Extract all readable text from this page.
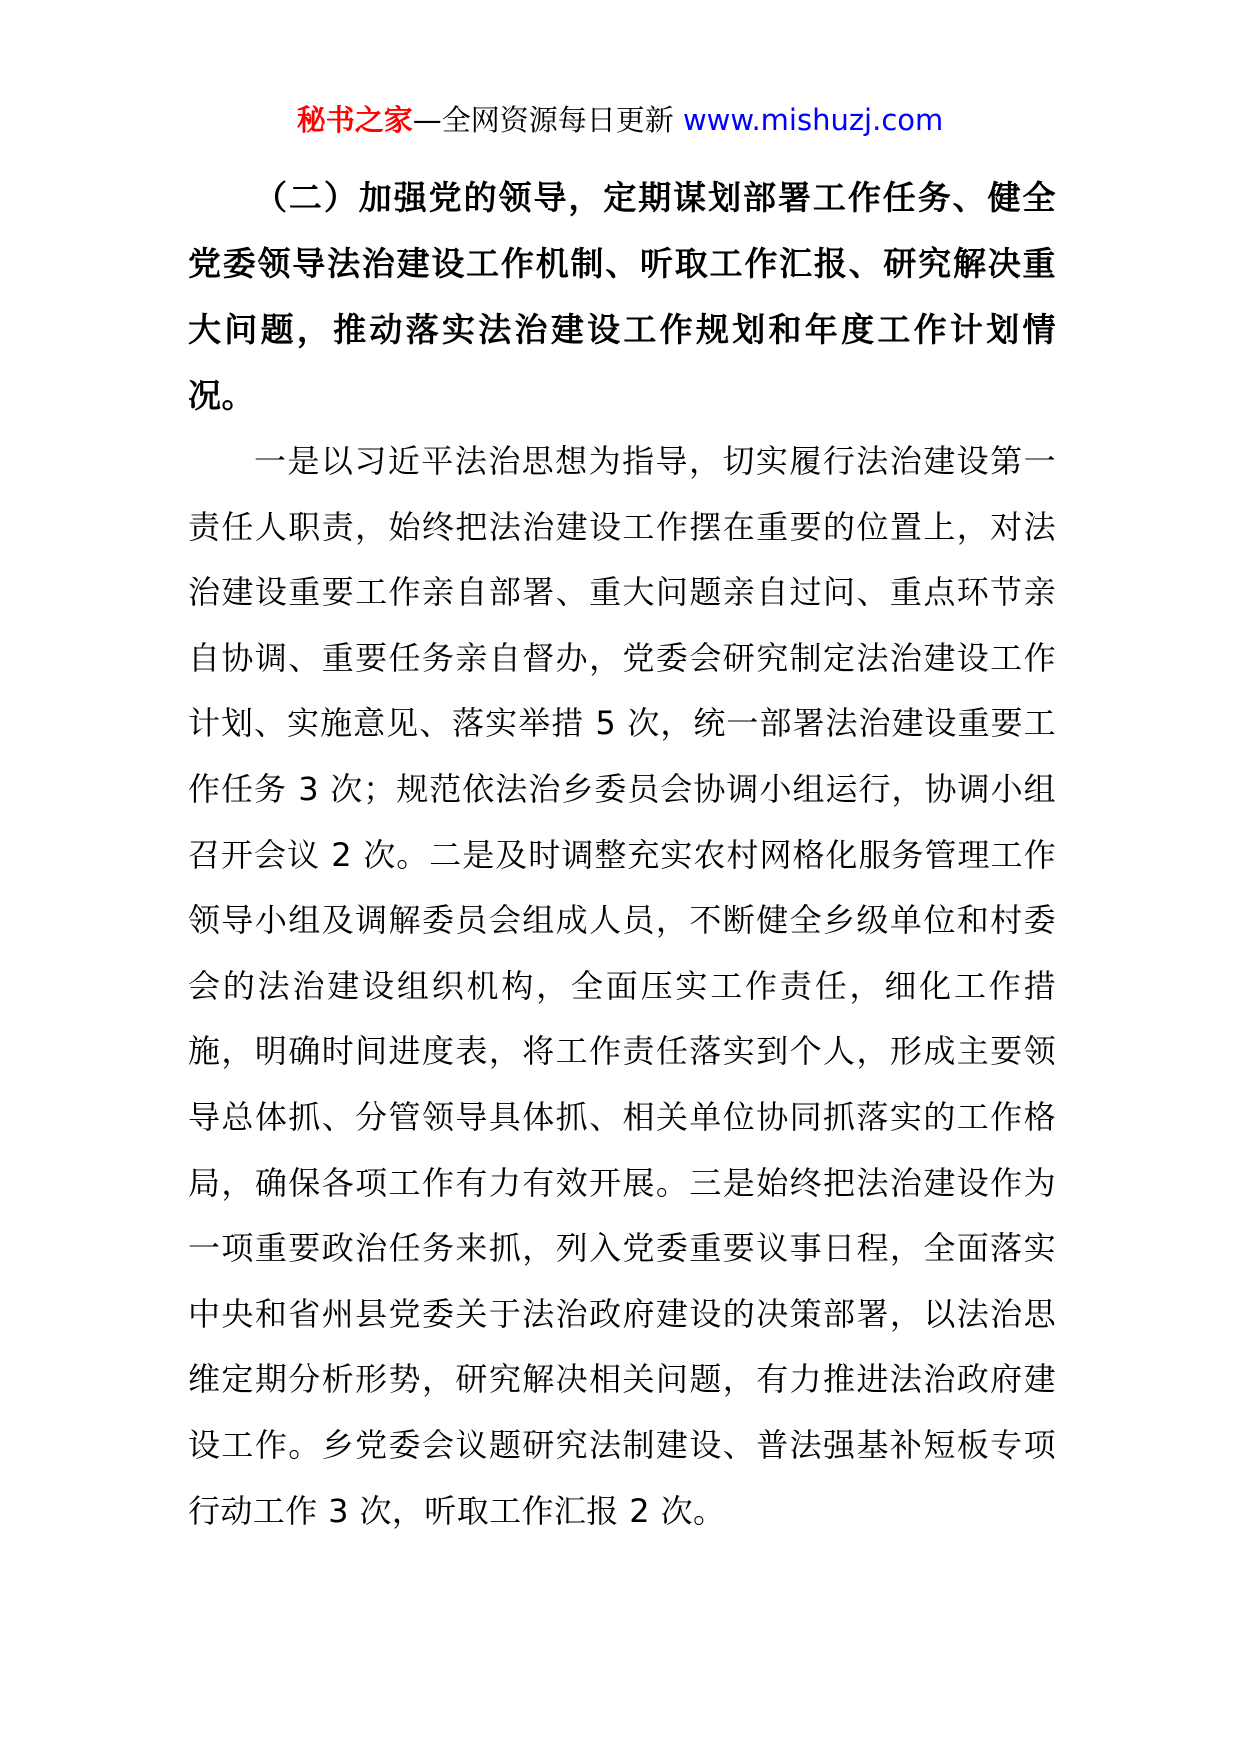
秘书之家—全网资源每日更新 www.mishuzj.com

（二）加强党的领导，定期谋划部署工作任务、健全党委领导法治建设工作机制、听取工作汇报、研究解决重大问题，推动落实法治建设工作规划和年度工作计划情况。

一是以习近平法治思想为指导，切实履行法治建设第一责任人职责，始终把法治建设工作摆在重要的位置上，对法治建设重要工作亲自部署、重大问题亲自过问、重点环节亲自协调、重要任务亲自督办，党委会研究制定法治建设工作计划、实施意见、落实举措 5 次，统一部署法治建设重要工作任务 3 次；规范依法治乡委员会协调小组运行，协调小组召开会议 2 次。二是及时调整充实农村网格化服务管理工作领导小组及调解委员会组成人员，不断健全乡级单位和村委会的法治建设组织机构，全面压实工作责任，细化工作措施，明确时间进度表，将工作责任落实到个人，形成主要领导总体抓、分管领导具体抓、相关单位协同抓落实的工作格局，确保各项工作有力有效开展。三是始终把法治建设作为一项重要政治任务来抓，列入党委重要议事日程，全面落实中央和省州县党委关于法治政府建设的决策部署，以法治思维定期分析形势，研究解决相关问题，有力推进法治政府建设工作。乡党委会议题研究法制建设、普法强基补短板专项行动工作 3 次，听取工作汇报 2 次。
